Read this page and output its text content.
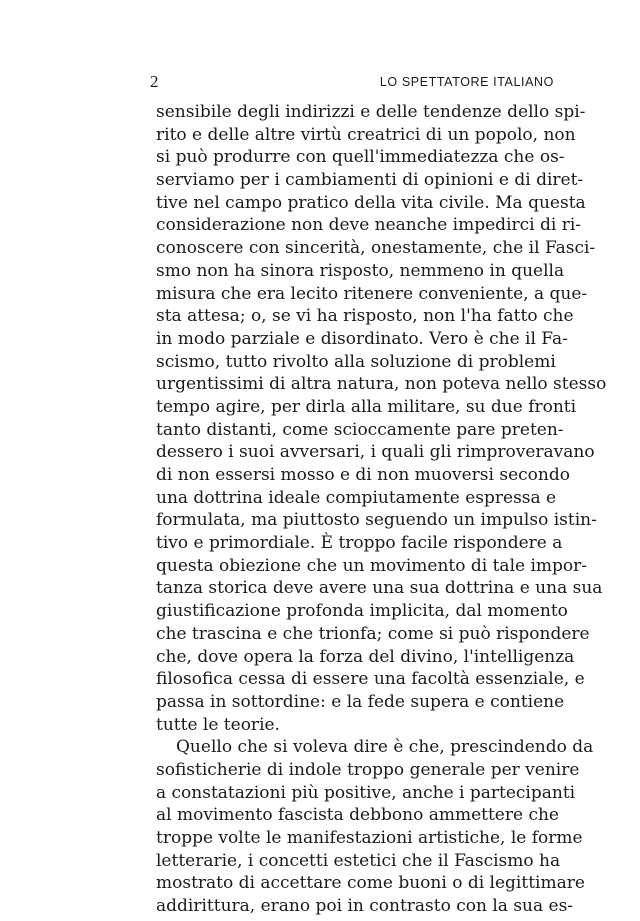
2	LO SPETTATORE ITALIANO
sensibile degli indirizzi e delle tendenze dello spi-
rito e delle altre virtù creatrici di un popolo, non
si può produrre con quell'immediatezza che os-
serviamo per i cambiamenti di opinioni e di diret-
tive nel campo pratico della vita civile. Ma questa
considerazione non deve neanche impedirci di ri-
conoscere con sincerità, onestamente, che il Fasci-
smo non ha sinora risposto, nemmeno in quella
misura che era lecito ritenere conveniente, a que-
sta attesa; o, se vi ha risposto, non l'ha fatto che
in modo parziale e disordinato. Vero è che il Fa-
scismo, tutto rivolto alla soluzione di problemi
urgentissimi di altra natura, non poteva nello stesso
tempo agire, per dirla alla militare, su due fronti
tanto distanti, come scioccamente pare preten-
dessero i suoi avversari, i quali gli rimproveravano
di non essersi mosso e di non muoversi secondo
una dottrina ideale compiutamente espressa e
formulata, ma piuttosto seguendo un impulso istin-
tivo e primordiale. È troppo facile rispondere a
questa obiezione che un movimento di tale impor-
tanza storica deve avere una sua dottrina e una sua
giustificazione profonda implicita, dal momento
che trascina e che trionfa; come si può rispondere
che, dove opera la forza del divino, l'intelligenza
filosofica cessa di essere una facoltà essenziale, e
passa in sottordine: e la fede supera e contiene
tutte le teorie.
Quello che si voleva dire è che, prescindendo da
sofisticherie di indole troppo generale per venire
a constatazioni più positive, anche i partecipanti
al movimento fascista debbono ammettere che
troppe volte le manifestazioni artistiche, le forme
letterarie, i concetti estetici che il Fascismo ha
mostrato di accettare come buoni o di legittimare
addirittura, erano poi in contrasto con la sua es-
